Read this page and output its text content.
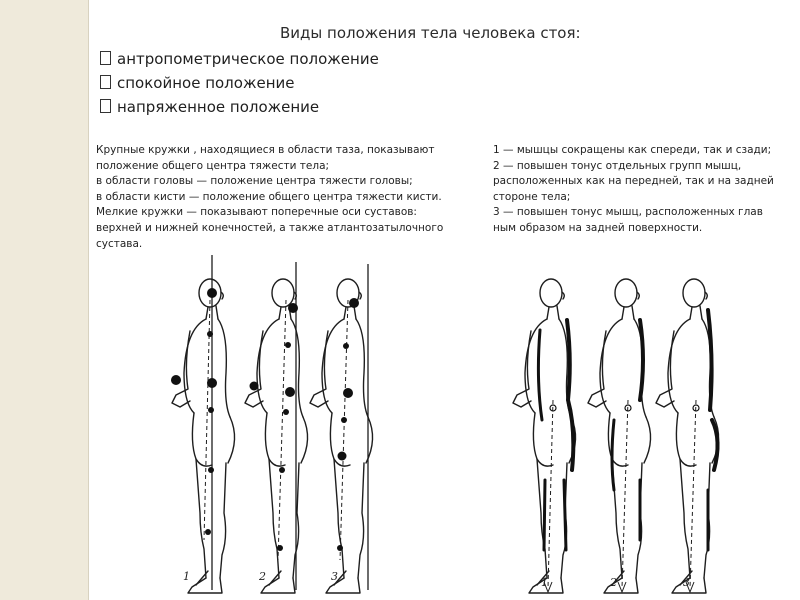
Виды положения тела человека стоя:
антропометрическое положение
спокойное положение
напряженное положение
Крупные кружки , находящиеся в области таза, показывают
положение общего центра тяжести тела;
в области головы — положение центра тяжести головы;
в области кисти — положение общего центра тяжести кисти.
Мелкие кружки — показывают поперечные оси суставов:
верхней и нижней конечностей, а также атлантозатылочного
сустава.
1 — мышцы сокращены как спереди, так и сзади;
2 — повышен тонус отдельных групп мышц,
расположенных как на передней, так и на задней
стороне тела;
3 — повышен тонус мышц, расположенных глав
ным образом на задней поверхности.
1	2	3	1	2	3
